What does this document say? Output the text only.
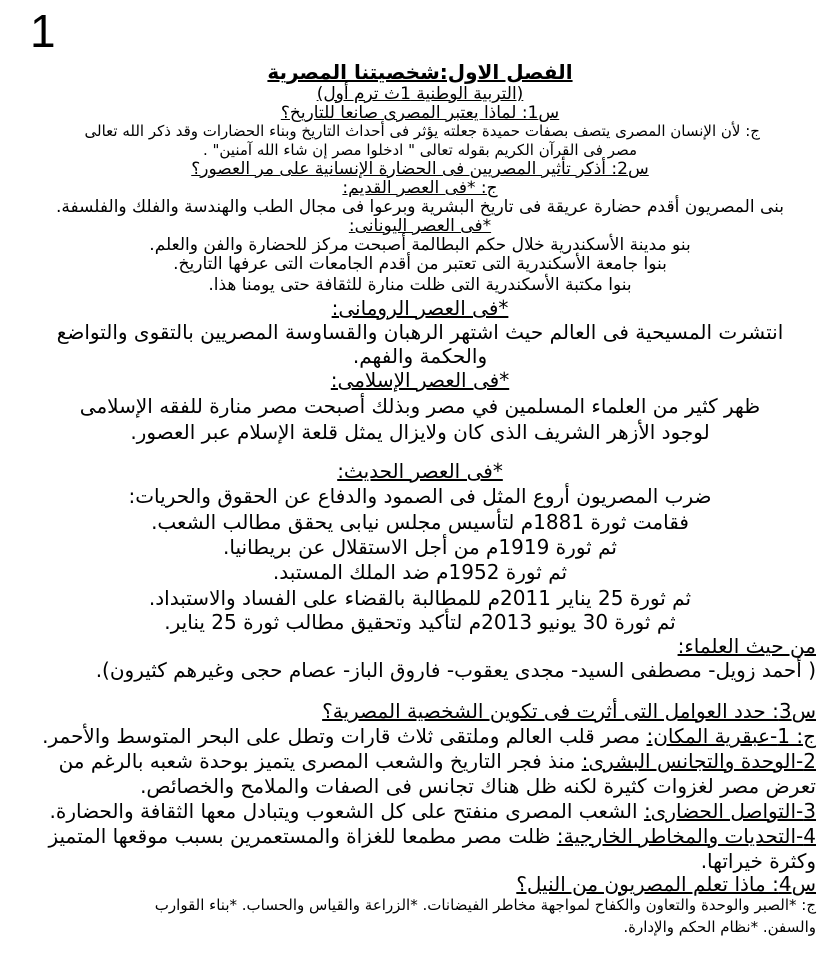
1
الفصل الاول:شخصيتنا المصرية
(التربية الوطنية 1ث ترم أول)
س1: لماذا يعتبر المصرى صانعا للتاريخ؟
ج: لأن الإنسان المصرى يتصف بصفات حميدة جعلته يؤثر فى أحداث التاريخ وبناء الحضارات وقد ذكر الله تعالى
مصر فى القرآن الكريم بقوله تعالى " ادخلوا مصر إن شاء الله آمنين" .
س2: أذكر تأثير المصريين فى الحضارة الإنسانية على مر العصور؟
ج: *فى العصر القديم:
بنى المصريون أقدم حضارة عريقة فى تاريخ البشرية وبرعوا فى مجال الطب والهندسة والفلك والفلسفة.
*فى العصر اليونانى:
بنو مدينة الأسكندرية خلال حكم البطالمة أصبحت مركز للحضارة والفن والعلم.
بنوا جامعة الأسكندرية التى تعتبر من أقدم الجامعات التى عرفها التاريخ.
بنوا مكتبة الأسكندرية التى ظلت منارة للثقافة حتى يومنا هذا.
*فى العصر الرومانى:
انتشرت المسيحية فى العالم حيث اشتهر الرهبان والقساوسة المصريين بالتقوى والتواضع
والحكمة والفهم.
*فى العصر الإسلامى:
ظهر كثير من العلماء المسلمين في مصر وبذلك أصبحت مصر منارة للفقه الإسلامى
لوجود الأزهر الشريف الذى كان ولايزال يمثل قلعة الإسلام عبر العصور.
*فى العصر الحديث:
ضرب المصريون أروع المثل فى الصمود والدفاع عن الحقوق والحريات:
فقامت ثورة 1881م لتأسيس مجلس نيابى يحقق مطالب الشعب.
ثم ثورة 1919م من أجل الاستقلال عن بريطانيا.
ثم ثورة 1952م ضد الملك المستبد.
ثم ثورة 25 يناير 2011م للمطالبة بالقضاء على الفساد والاستبداد.
ثم ثورة 30 يونيو 2013م لتأكيد وتحقيق مطالب ثورة 25 يناير.
من حيث العلماء:
( أحمد زويل- مصطفى السيد- مجدى يعقوب- فاروق الباز- عصام حجى وغيرهم كثيرون).
س3: حدد العوامل التى أثرت فى تكوين الشخصية المصرية؟
ج: 1-عبقرية المكان: مصر قلب العالم وملتقى ثلاث قارات وتطل على البحر المتوسط والأحمر.
2-الوحدة والتجانس البشرى: منذ فجر التاريخ والشعب المصرى يتميز بوحدة شعبه بالرغم من
تعرض مصر لغزوات كثيرة لكنه ظل هناك تجانس فى الصفات والملامح والخصائص.
3-التواصل الحضارى: الشعب المصرى منفتح على كل الشعوب ويتبادل معها الثقافة والحضارة.
4-التحديات والمخاطر الخارجية: ظلت مصر مطمعا للغزاة والمستعمرين بسبب موقعها المتميز
وكثرة خيراتها.
س4: ماذا تعلم المصريون من النيل؟
ج: *الصبر والوحدة والتعاون والكفاح لمواجهة مخاطر الفيضانات. *الزراعة والقياس والحساب. *بناء القوارب
والسفن. *نظام الحكم والإدارة.
